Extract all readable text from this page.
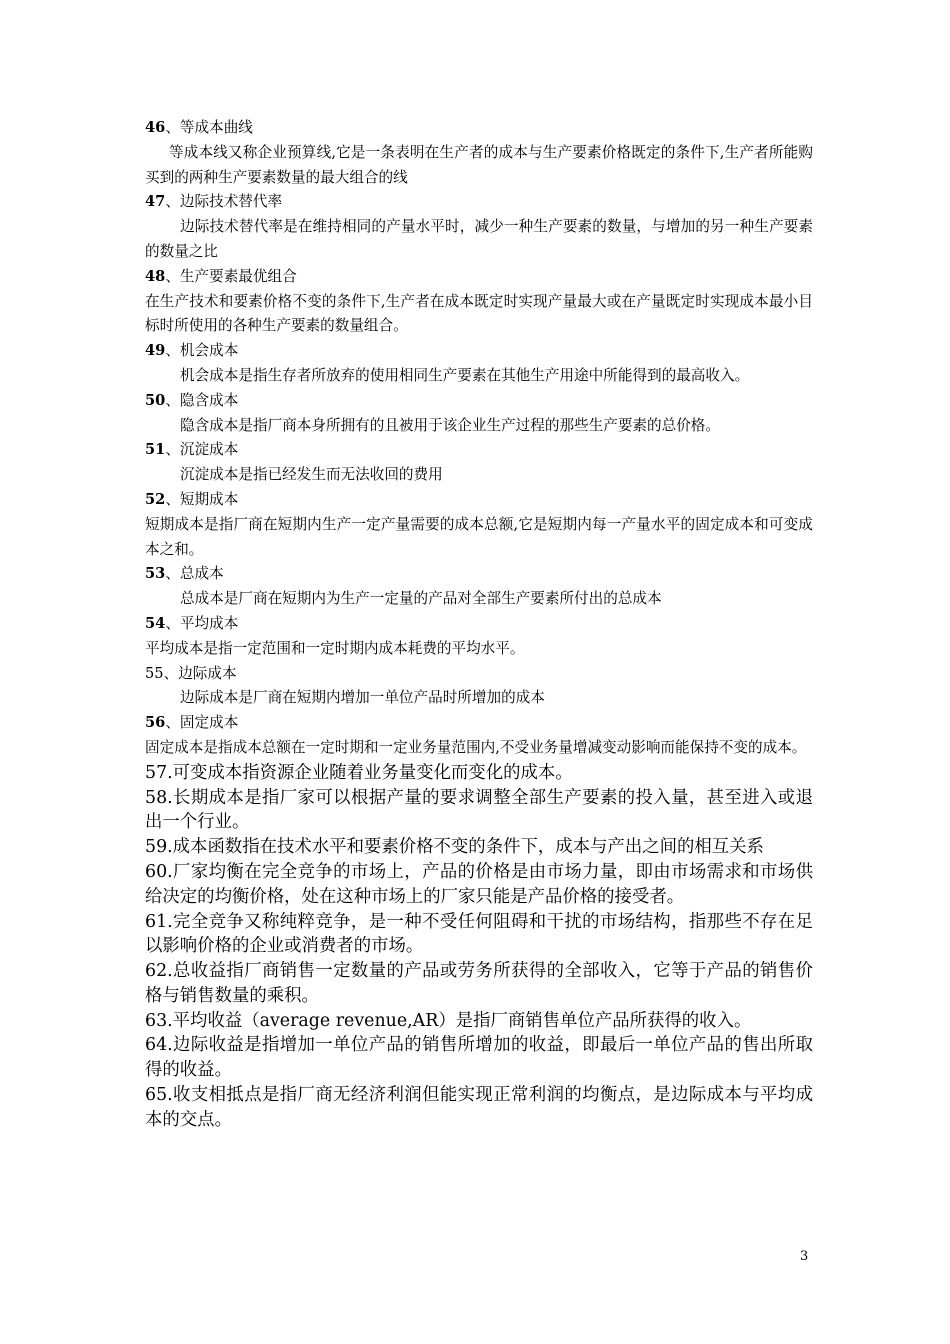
46、等成本曲线

等成本线又称企业预算线,它是一条表明在生产者的成本与生产要素价格既定的条件下,生产者所能购买到的两种生产要素数量的最大组合的线

47、边际技术替代率

边际技术替代率是在维持相同的产量水平时，减少一种生产要素的数量，与增加的另一种生产要素的数量之比

48、生产要素最优组合

在生产技术和要素价格不变的条件下,生产者在成本既定时实现产量最大或在产量既定时实现成本最小目标时所使用的各种生产要素的数量组合。

49、机会成本

机会成本是指生存者所放弃的使用相同生产要素在其他生产用途中所能得到的最高收入。

50、隐含成本

隐含成本是指厂商本身所拥有的且被用于该企业生产过程的那些生产要素的总价格。

51、沉淀成本

沉淀成本是指已经发生而无法收回的费用

52、短期成本

短期成本是指厂商在短期内生产一定产量需要的成本总额,它是短期内每一产量水平的固定成本和可变成本之和。

53、总成本

总成本是厂商在短期内为生产一定量的产品对全部生产要素所付出的总成本

54、平均成本

平均成本是指一定范围和一定时期内成本耗费的平均水平。

55、边际成本

边际成本是厂商在短期内增加一单位产品时所增加的成本

56、固定成本

固定成本是指成本总额在一定时期和一定业务量范围内,不受业务量增减变动影响而能保持不变的成本。

57.可变成本指资源企业随着业务量变化而变化的成本。

58.长期成本是指厂家可以根据产量的要求调整全部生产要素的投入量，甚至进入或退出一个行业。

59.成本函数指在技术水平和要素价格不变的条件下，成本与产出之间的相互关系

60.厂家均衡在完全竞争的市场上，产品的价格是由市场力量，即由市场需求和市场供给决定的均衡价格，处在这种市场上的厂家只能是产品价格的接受者。

61.完全竞争又称纯粹竞争，是一种不受任何阻碍和干扰的市场结构，指那些不存在足以影响价格的企业或消费者的市场。

62.总收益指厂商销售一定数量的产品或劳务所获得的全部收入，它等于产品的销售价格与销售数量的乘积。

63.平均收益（average revenue,AR）是指厂商销售单位产品所获得的收入。

64.边际收益是指增加一单位产品的销售所增加的收益，即最后一单位产品的售出所取得的收益。

65.收支相抵点是指厂商无经济利润但能实现正常利润的均衡点，是边际成本与平均成本的交点。

3
